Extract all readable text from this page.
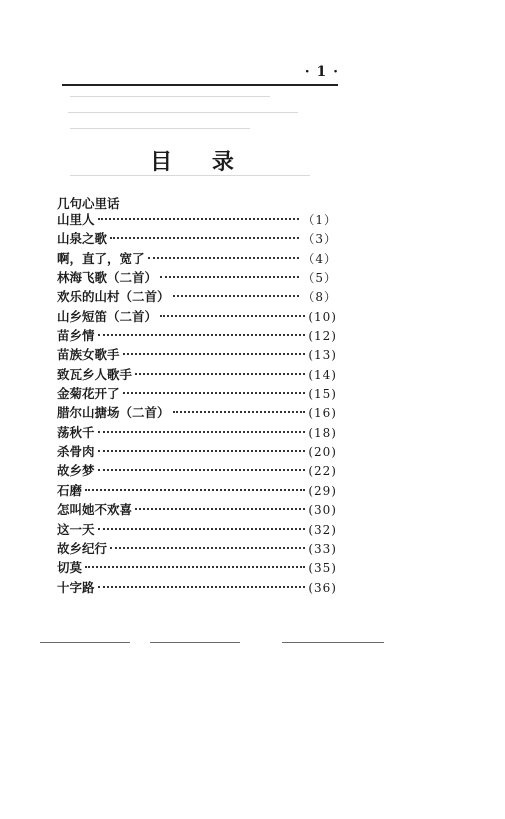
· 1 ·
目 录
几句心里话
山里人	（1）
山泉之歌	（3）
啊，直了，宽了	（4）
林海飞歌（二首）	（5）
欢乐的山村（二首）	（8）
山乡短笛（二首）	(10)
苗乡情	(12)
苗族女歌手	(13)
致瓦乡人歌手	(14)
金菊花开了	(15)
腊尔山搪场（二首）	(16)
荡秋千	(18)
杀骨肉	(20)
故乡梦	(22)
石磨	(29)
怎叫她不欢喜	(30)
这一天	(32)
故乡纪行	(33)
切莫	(35)
十字路	(36)
